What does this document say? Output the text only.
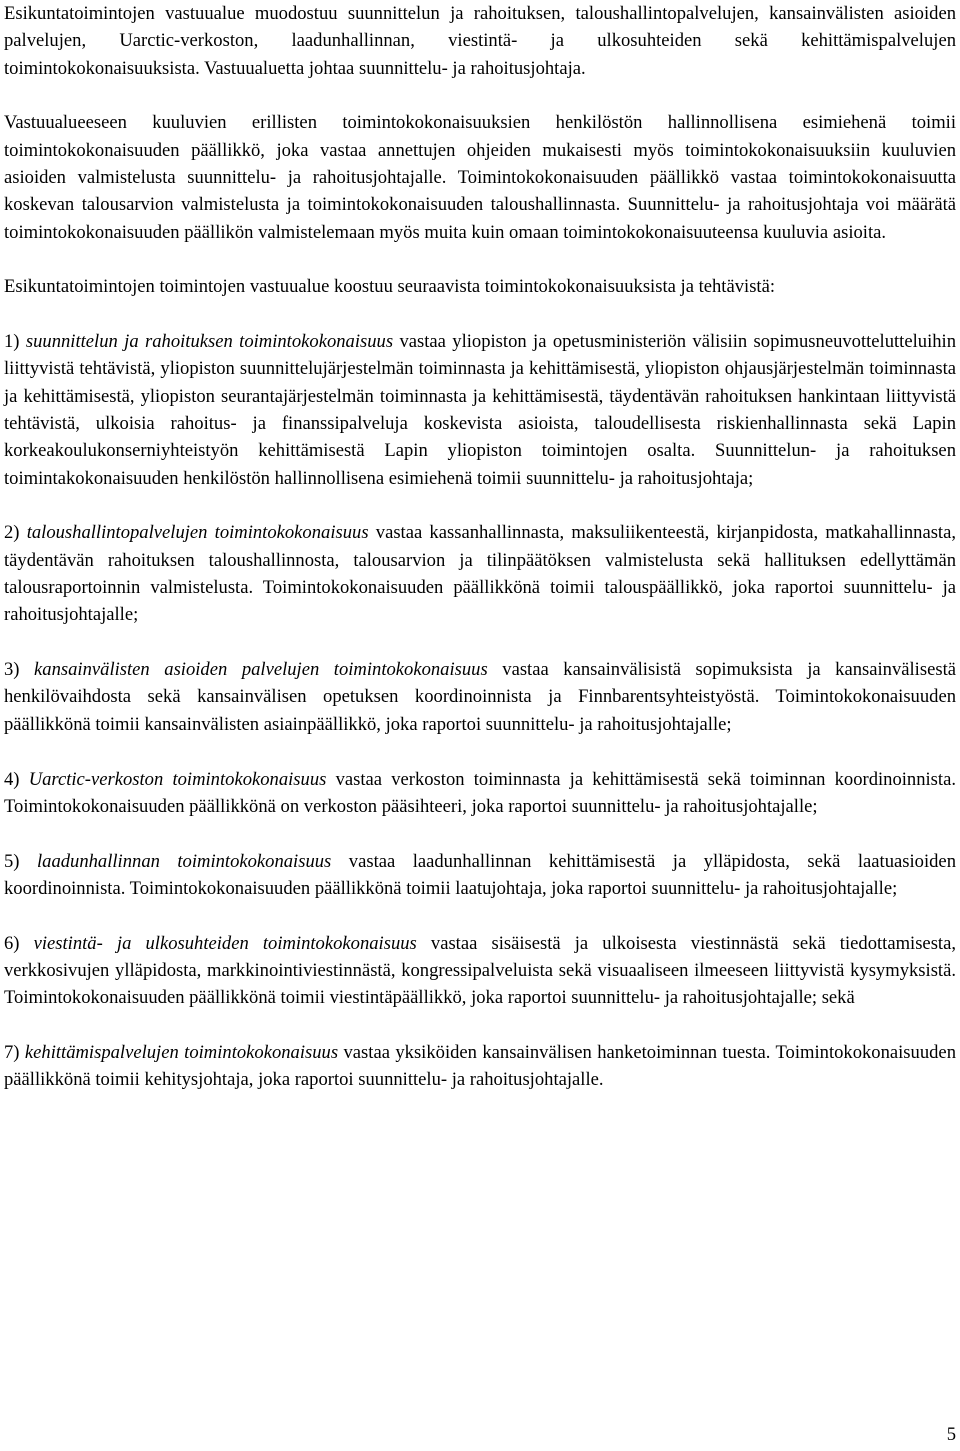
Esikuntatoimintojen vastuualue muodostuu suunnittelun ja rahoituksen, taloushallintopalvelujen, kansainvälisten asioiden palvelujen, Uarctic-verkoston, laadunhallinnan, viestintä- ja ulkosuhteiden sekä kehittämispalvelujen toimintokokonaisuuksista. Vastuualuetta johtaa suunnittelu- ja rahoitusjohtaja.

Vastuualueeseen kuuluvien erillisten toimintokokonaisuuksien henkilöstön hallinnollisena esimiehenä toimii toimintokokonaisuuden päällikkö, joka vastaa annettujen ohjeiden mukaisesti myös toimintokokonaisuuksiin kuuluvien asioiden valmistelusta suunnittelu- ja rahoitusjohtajalle. Toimintokokonaisuuden päällikkö vastaa toimintokokonaisuutta koskevan talousarvion valmistelusta ja toimintokokonaisuuden taloushallinnasta. Suunnittelu- ja rahoitusjohtaja voi määrätä toimintokokonaisuuden päällikön valmistelemaan myös muita kuin omaan toimintokokonaisuuteensa kuuluvia asioita.

Esikuntatoimintojen toimintojen vastuualue koostuu seuraavista toimintokokonaisuuksista ja tehtävistä:

1) suunnittelun ja rahoituksen toimintokokonaisuus vastaa yliopiston ja opetusministeriön välisiin sopimusneuvottelutteluihin liittyvistä tehtävistä, yliopiston suunnittelujärjestelmän toiminnasta ja kehittämisestä, yliopiston ohjausjärjestelmän toiminnasta ja kehittämisestä, yliopiston seurantajärjestelmän toiminnasta ja kehittämisestä, täydentävän rahoituksen hankintaan liittyvistä tehtävistä, ulkoisia rahoitus- ja finanssipalveluja koskevista asioista, taloudellisesta riskienhallinnasta sekä Lapin korkeakoulukonserniyhteistyön kehittämisestä Lapin yliopiston toimintojen osalta. Suunnittelun- ja rahoituksen toimintakokonaisuuden henkilöstön hallinnollisena esimiehenä toimii suunnittelu- ja rahoitusjohtaja;

2) taloushallintopalvelujen toimintokokonaisuus vastaa kassanhallinnasta, maksuliikenteestä, kirjanpidosta, matkahallinnasta, täydentävän rahoituksen taloushallinnosta, talousarvion ja tilinpäätöksen valmistelusta sekä hallituksen edellyttämän talousraportoinnin valmistelusta. Toimintokokonaisuuden päällikkönä toimii talouspäällikkö, joka raportoi suunnittelu- ja rahoitusjohtajalle;

3) kansainvälisten asioiden palvelujen toimintokokonaisuus vastaa kansainvälisistä sopimuksista ja kansainvälisestä henkilövaihdosta sekä kansainvälisen opetuksen koordinoinnista ja Finnbarentsyhteistyöstä. Toimintokokonaisuuden päällikkönä toimii kansainvälisten asiainpäällikkö, joka raportoi suunnittelu- ja rahoitusjohtajalle;

4) Uarctic-verkoston toimintokokonaisuus vastaa verkoston toiminnasta ja kehittämisestä sekä toiminnan koordinoinnista. Toimintokokonaisuuden päällikkönä on verkoston pääsihteeri, joka raportoi suunnittelu- ja rahoitusjohtajalle;

5) laadunhallinnan toimintokokonaisuus vastaa laadunhallinnan kehittämisestä ja ylläpidosta, sekä laatuasioiden koordinoinnista. Toimintokokonaisuuden päällikkönä toimii laatujohtaja, joka raportoi suunnittelu- ja rahoitusjohtajalle;

6) viestintä- ja ulkosuhteiden toimintokokonaisuus vastaa sisäisestä ja ulkoisesta viestinnästä sekä tiedottamisesta, verkkosivujen ylläpidosta, markkinointiviestinnästä, kongressipalveluista sekä visuaaliseen ilmeeseen liittyvistä kysymyksistä. Toimintokokonaisuuden päällikkönä toimii viestintäpäällikkö, joka raportoi suunnittelu- ja rahoitusjohtajalle; sekä

7) kehittämispalvelujen toimintokokonaisuus vastaa yksiköiden kansainvälisen hanketoiminnan tuesta. Toimintokokonaisuuden päällikkönä toimii kehitysjohtaja, joka raportoi suunnittelu- ja rahoitusjohtajalle.

5
